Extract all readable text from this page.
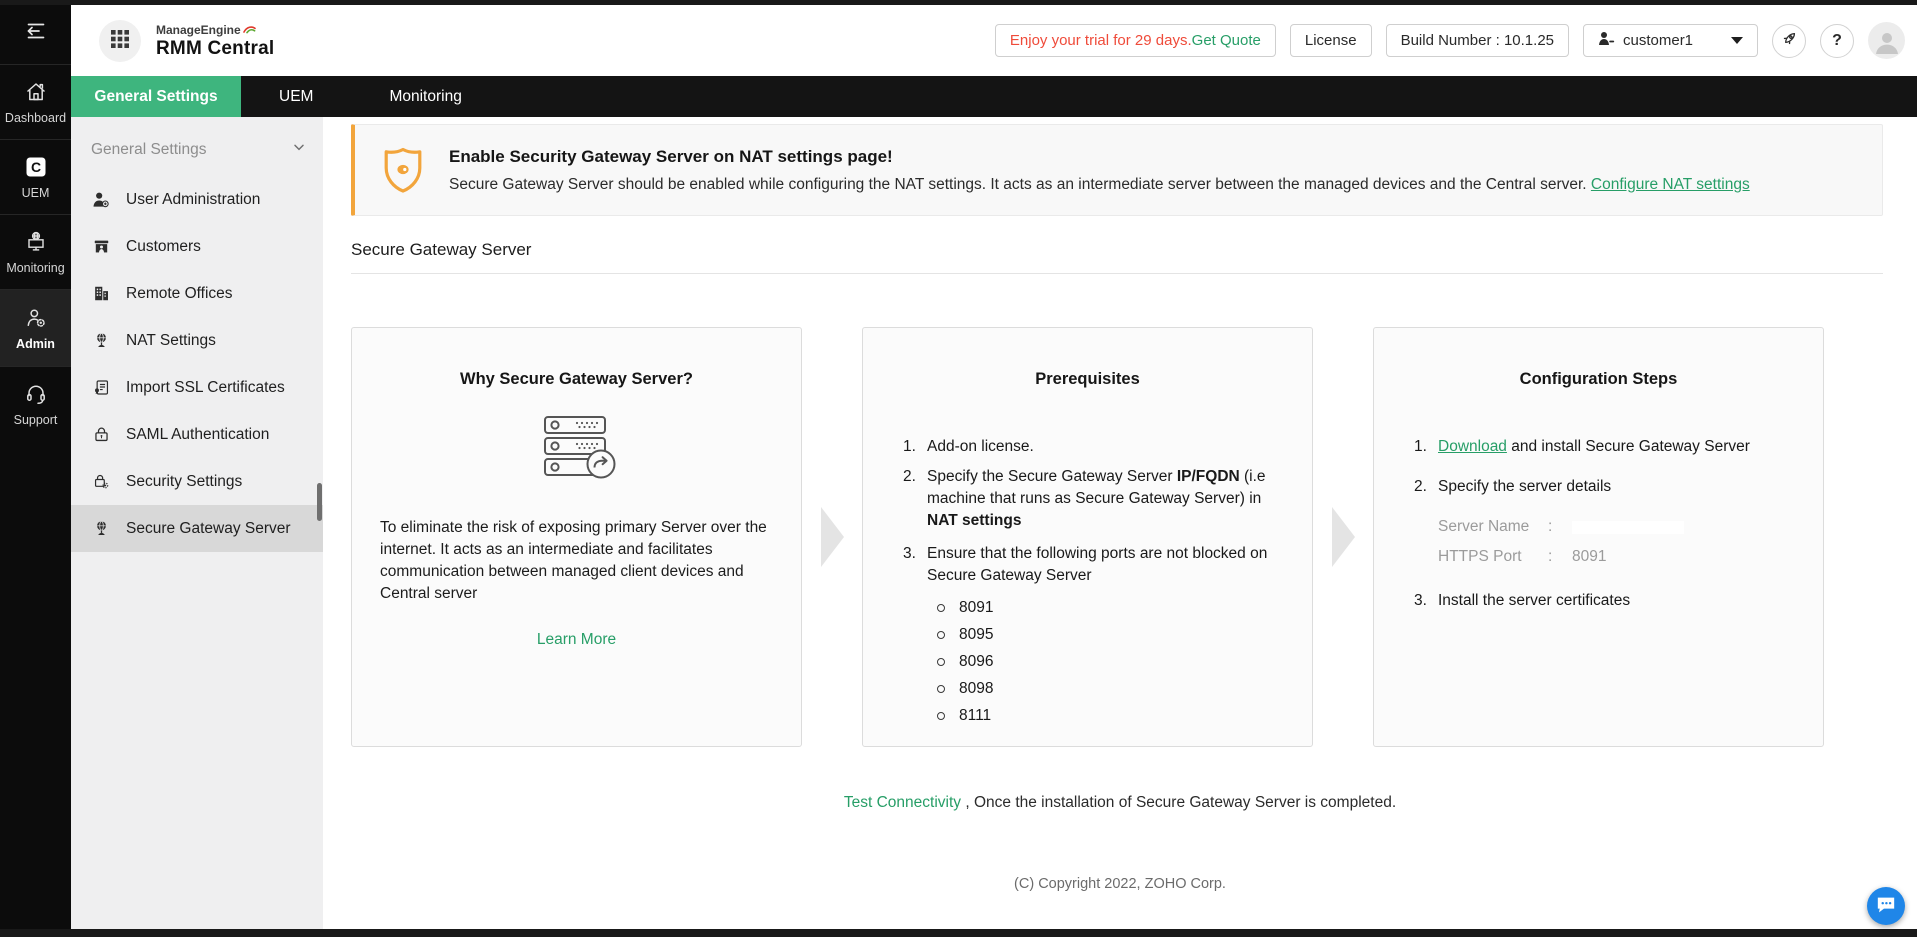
Dashboard
C
UEM
Monitoring
Admin
Support
ManageEngine
RMM Central	Enjoy your trial for 29 days. Get Quote	License	Build Number : 10.1.25	customer1	?
General Settings	UEM	Monitoring
General Settings
User Administration
Customers
Remote Offices
NAT Settings
Import SSL Certificates
SAML Authentication
Security Settings
Secure Gateway Server
Enable Security Gateway Server on NAT settings page!
Secure Gateway Server should be enabled while configuring the NAT settings. It acts as an intermediate server between the managed devices and the Central server. Configure NAT settings
Secure Gateway Server
Why Secure Gateway Server?

To eliminate the risk of exposing primary Server over the internet. It acts as an intermediate and facilitates communication between managed client devices and Central server

Learn More
Prerequisites
1. Add-on license.
2. Specify the Secure Gateway Server IP/FQDN (i.e machine that runs as Secure Gateway Server) in NAT settings
3. Ensure that the following ports are not blocked on Secure Gateway Server
8091
8095
8096
8098
8111
Configuration Steps
1. Download and install Secure Gateway Server
2. Specify the server details
Server Name	:
HTTPS Port	:	8091
3. Install the server certificates

Test Connectivity , Once the installation of Secure Gateway Server is completed.

(C) Copyright 2022, ZOHO Corp.
